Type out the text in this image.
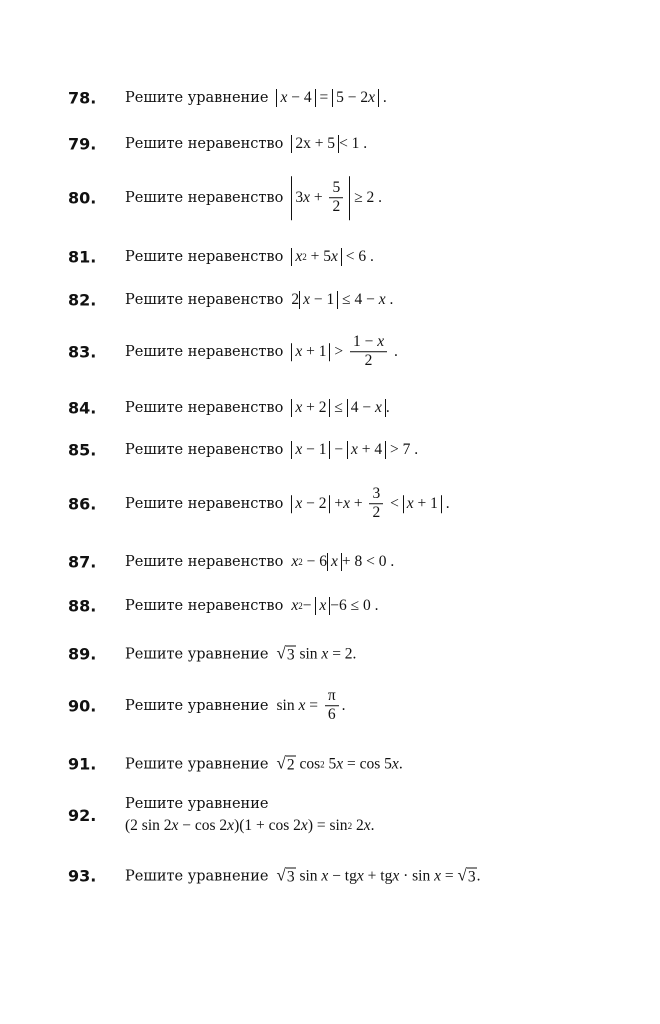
78. Решите уравнение x − 4 = 5 − 2 x .
79. Решите неравенство 2x + 5 < 1 .
80. Решите неравенство 3 $x + \frac{5}{2} \ge 2$ .
81. Решите неравенство x 2 + 5 x
< 6 .
82. Решите неравенство 2 x − 1 ≤ 4 − x .
83. Решите неравенство $x + 1 > \frac{1 - x}{2}$ .
84. Решите неравенство x + 2 ≤ 4 − x .
85. Решите неравенство x − 1 − x + 4 > 7 .
86. Решите неравенство $x - 2 + x + \frac{3}{2} < x + 1$ .
87. Решите неравенство x 2 − 6 x + 8 < 0 .
88. Решите неравенство x 2 − x −6 ≤ 0 .
89. Решите уравнение √ 3 sin x = 2.
90. Решите уравнение $\sin x = \frac{\pi}{6}$ .
91. Решите уравнение √ 2 cos 2 5 x = cos 5 x .
92.
Решите уравнение
(2 sin 2 x − cos 2 x )(1 + cos 2 x ) = sin 2 2 x .
93. Решите уравнение √ 3 sin x − tg x + tg x · sin x = √ 3 .
